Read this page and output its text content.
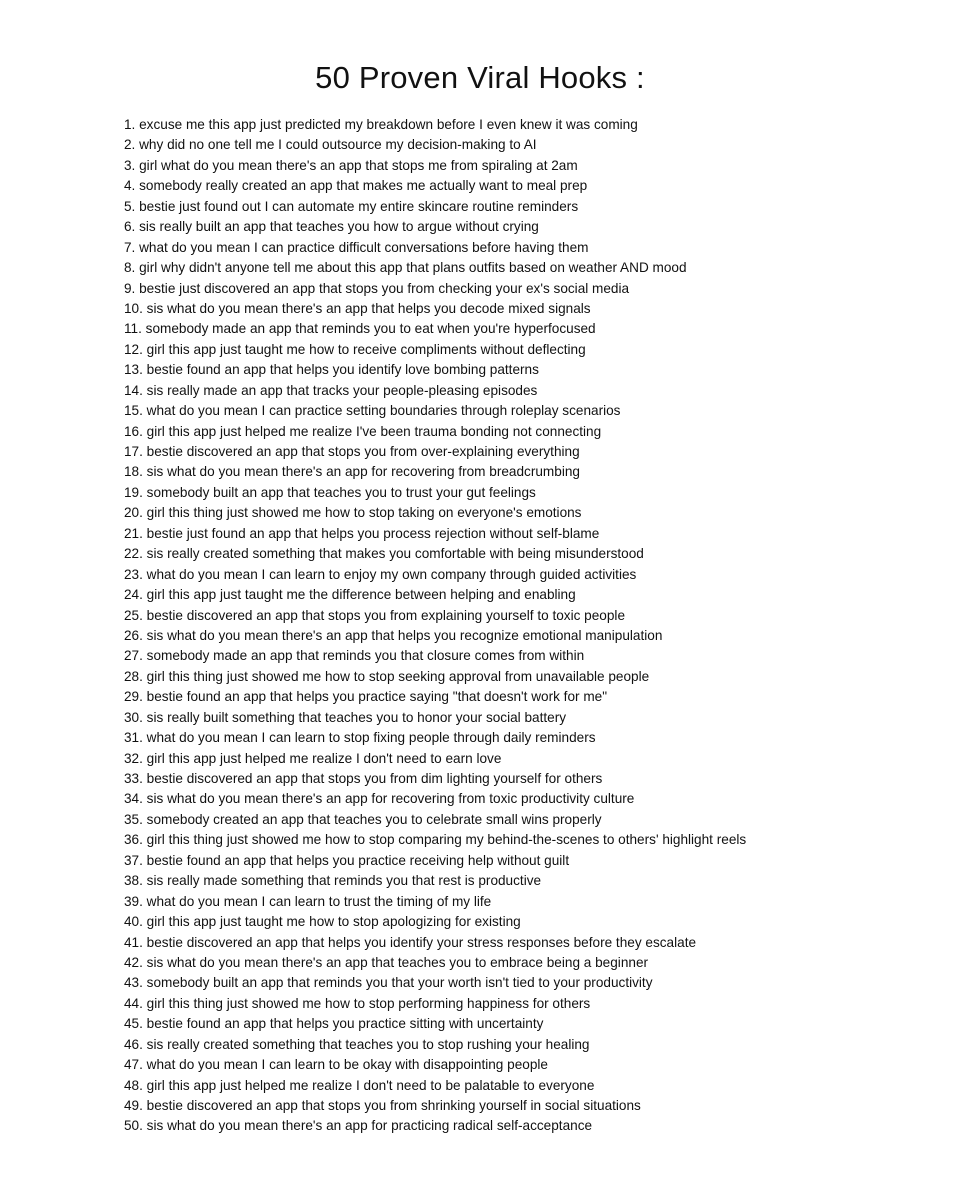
50 Proven Viral Hooks :
1. excuse me this app just predicted my breakdown before I even knew it was coming
2. why did no one tell me I could outsource my decision-making to AI
3. girl what do you mean there's an app that stops me from spiraling at 2am
4. somebody really created an app that makes me actually want to meal prep
5. bestie just found out I can automate my entire skincare routine reminders
6. sis really built an app that teaches you how to argue without crying
7. what do you mean I can practice difficult conversations before having them
8. girl why didn't anyone tell me about this app that plans outfits based on weather AND mood
9. bestie just discovered an app that stops you from checking your ex's social media
10. sis what do you mean there's an app that helps you decode mixed signals
11. somebody made an app that reminds you to eat when you're hyperfocused
12. girl this app just taught me how to receive compliments without deflecting
13. bestie found an app that helps you identify love bombing patterns
14. sis really made an app that tracks your people-pleasing episodes
15. what do you mean I can practice setting boundaries through roleplay scenarios
16. girl this app just helped me realize I've been trauma bonding not connecting
17. bestie discovered an app that stops you from over-explaining everything
18. sis what do you mean there's an app for recovering from breadcrumbing
19. somebody built an app that teaches you to trust your gut feelings
20. girl this thing just showed me how to stop taking on everyone's emotions
21. bestie just found an app that helps you process rejection without self-blame
22. sis really created something that makes you comfortable with being misunderstood
23. what do you mean I can learn to enjoy my own company through guided activities
24. girl this app just taught me the difference between helping and enabling
25. bestie discovered an app that stops you from explaining yourself to toxic people
26. sis what do you mean there's an app that helps you recognize emotional manipulation
27. somebody made an app that reminds you that closure comes from within
28. girl this thing just showed me how to stop seeking approval from unavailable people
29. bestie found an app that helps you practice saying "that doesn't work for me"
30. sis really built something that teaches you to honor your social battery
31. what do you mean I can learn to stop fixing people through daily reminders
32. girl this app just helped me realize I don't need to earn love
33. bestie discovered an app that stops you from dim lighting yourself for others
34. sis what do you mean there's an app for recovering from toxic productivity culture
35. somebody created an app that teaches you to celebrate small wins properly
36. girl this thing just showed me how to stop comparing my behind-the-scenes to others' highlight reels
37. bestie found an app that helps you practice receiving help without guilt
38. sis really made something that reminds you that rest is productive
39. what do you mean I can learn to trust the timing of my life
40. girl this app just taught me how to stop apologizing for existing
41. bestie discovered an app that helps you identify your stress responses before they escalate
42. sis what do you mean there's an app that teaches you to embrace being a beginner
43. somebody built an app that reminds you that your worth isn't tied to your productivity
44. girl this thing just showed me how to stop performing happiness for others
45. bestie found an app that helps you practice sitting with uncertainty
46. sis really created something that teaches you to stop rushing your healing
47. what do you mean I can learn to be okay with disappointing people
48. girl this app just helped me realize I don't need to be palatable to everyone
49. bestie discovered an app that stops you from shrinking yourself in social situations
50. sis what do you mean there's an app for practicing radical self-acceptance
